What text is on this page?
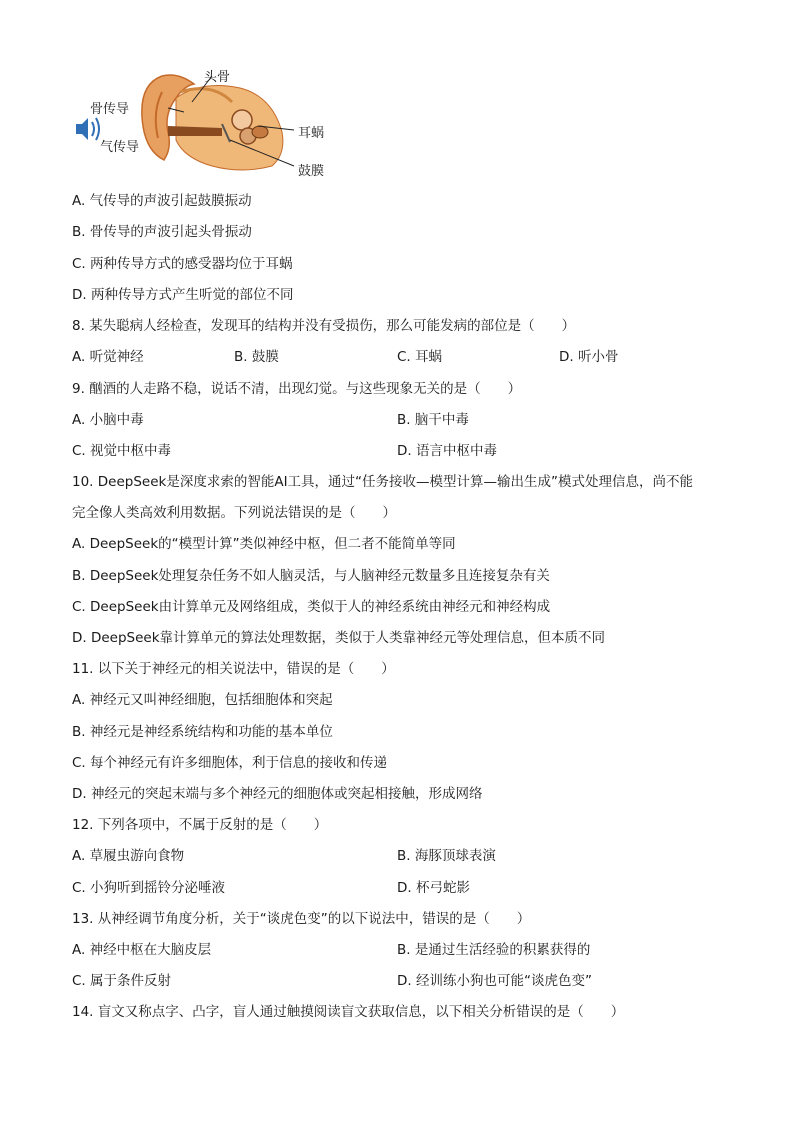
头骨
骨传导
气传导
耳蜗
鼓膜
A. 气传导的声波引起鼓膜振动
B. 骨传导的声波引起头骨振动
C. 两种传导方式的感受器均位于耳蜗
D. 两种传导方式产生听觉的部位不同
8. 某失聪病人经检查，发现耳的结构并没有受损伤，那么可能发病的部位是（　　）
A. 听觉神经	B. 鼓膜	C. 耳蜗	D. 听小骨
9. 酗酒的人走路不稳，说话不清，出现幻觉。与这些现象无关的是（　　）
A. 小脑中毒	B. 脑干中毒
C. 视觉中枢中毒	D. 语言中枢中毒
10. DeepSeek是深度求索的智能AI工具，通过“任务接收—模型计算—输出生成”模式处理信息，尚不能
完全像人类高效利用数据。下列说法错误的是（　　）
A. DeepSeek的“模型计算”类似神经中枢，但二者不能简单等同
B. DeepSeek处理复杂任务不如人脑灵活，与人脑神经元数量多且连接复杂有关
C. DeepSeek由计算单元及网络组成，类似于人的神经系统由神经元和神经构成
D. DeepSeek靠计算单元的算法处理数据，类似于人类靠神经元等处理信息，但本质不同
11. 以下关于神经元的相关说法中，错误的是（　　）
A. 神经元又叫神经细胞，包括细胞体和突起
B. 神经元是神经系统结构和功能的基本单位
C. 每个神经元有许多细胞体，利于信息的接收和传递
D. 神经元的突起末端与多个神经元的细胞体或突起相接触，形成网络
12. 下列各项中，不属于反射的是（　　）
A. 草履虫游向食物	B. 海豚顶球表演
C. 小狗听到摇铃分泌唾液	D. 杯弓蛇影
13. 从神经调节角度分析，关于“谈虎色变”的以下说法中，错误的是（　　）
A. 神经中枢在大脑皮层	B. 是通过生活经验的积累获得的
C. 属于条件反射	D. 经训练小狗也可能“谈虎色变”
14. 盲文又称点字、凸字，盲人通过触摸阅读盲文获取信息，以下相关分析错误的是（　　）
